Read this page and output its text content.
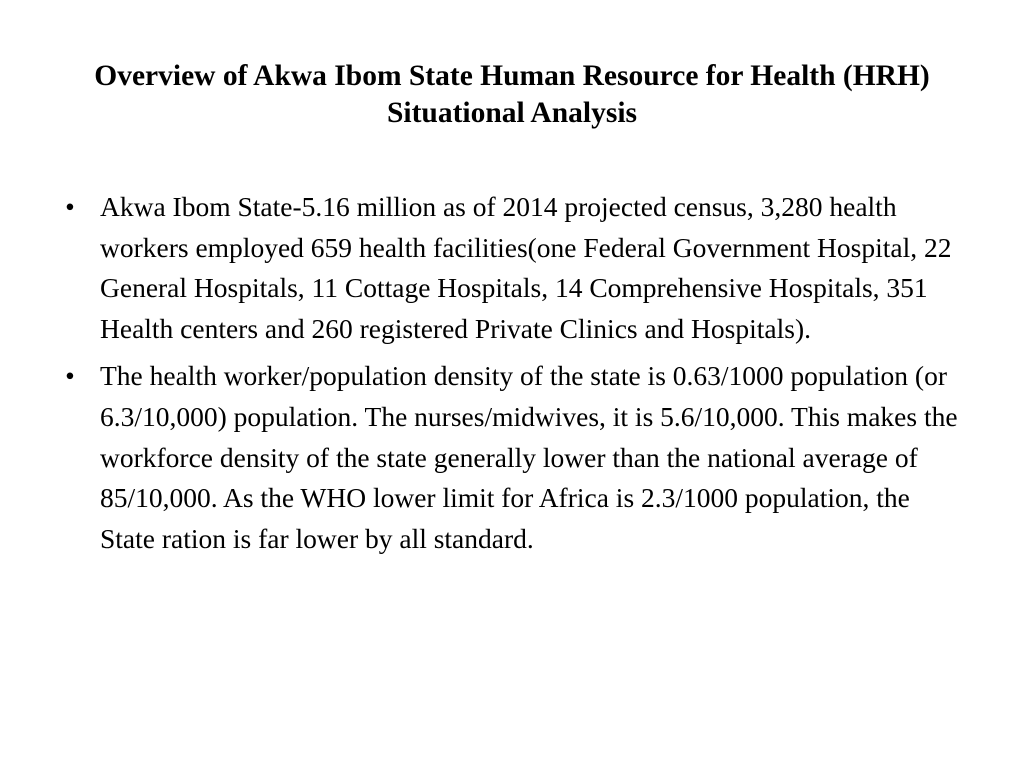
Overview of Akwa Ibom State Human Resource for Health (HRH) Situational Analysis
• Akwa Ibom State-5.16 million as of 2014 projected census, 3,280 health workers employed 659 health facilities(one Federal Government Hospital, 22 General Hospitals, 11 Cottage Hospitals, 14 Comprehensive Hospitals, 351 Health centers and 260 registered Private Clinics and Hospitals).
• The health worker/population density of the state is 0.63/1000 population (or 6.3/10,000) population. The nurses/midwives, it is 5.6/10,000. This makes the workforce density of the state generally lower than the national average of 85/10,000. As the WHO lower limit for Africa is 2.3/1000 population, the State ration is far lower by all standard.
